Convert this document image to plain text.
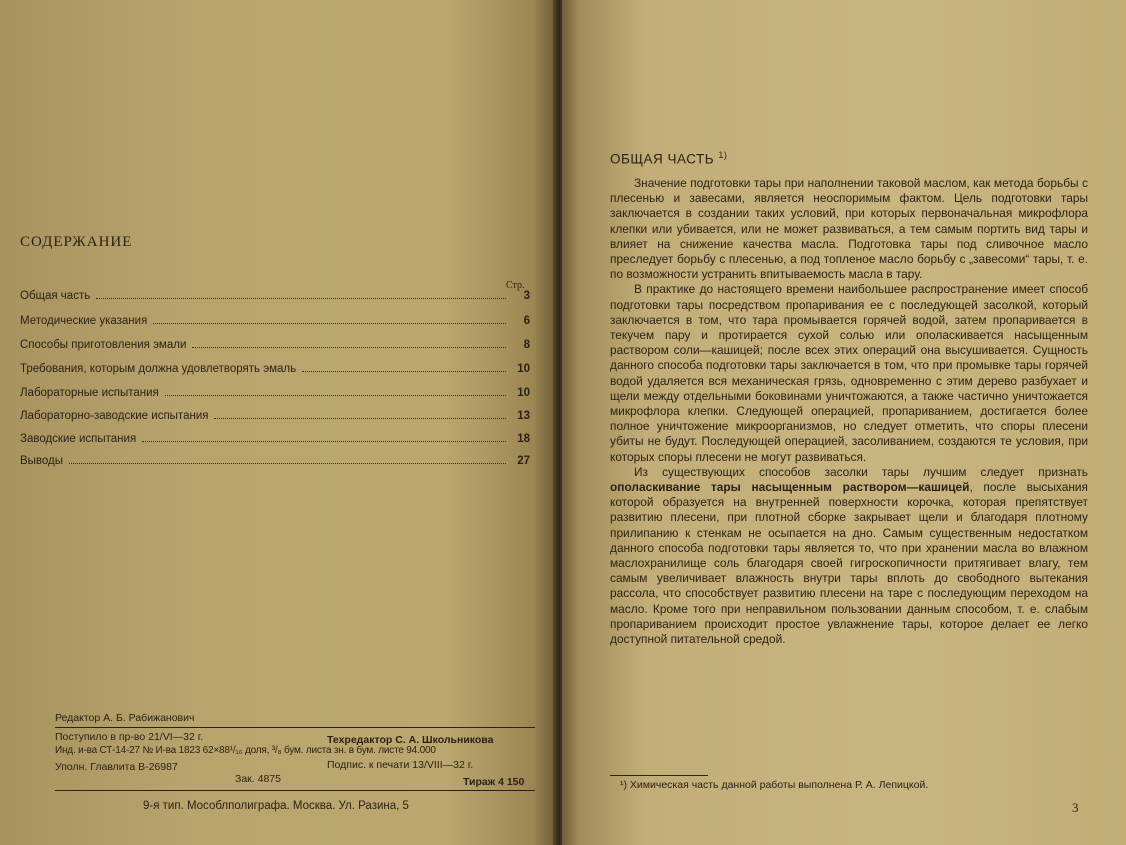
СОДЕРЖАНИЕ
Стр.
Общая часть	3
Методические указания	6
Способы приготовления эмали	8
Требования, которым должна удовлетворять эмаль	10
Лабораторные испытания	10
Лабораторно-заводские испытания	13
Заводские испытания	18
Выводы	27
Редактор А. Б. Рабижанович
Поступило в пр-во 21/VI—32 г.	Техредактор С. А. Школьникова
Инд. и-ва СТ-14-27 № И-ва 1823 62×88¹/₁₆ доля, ³/₈ бум. листа зн. в бум. листе 94.000
Подпис. к печати 13/VIII—32 г.
Уполн. Главлита В-26987
Зак. 4875	Тираж 4 150
9-я тип. Мособлполиграфа. Москва. Ул. Разина, 5
ОБЩАЯ ЧАСТЬ $^{1)}$

Значение подготовки тары при наполнении таковой маслом, как метода борьбы с плесенью и завесами, является неоспоримым фактом. Цель подготовки тары заключается в создании таких условий, при которых первоначальная микрофлора клепки или убивается, или не может развиваться, а тем самым портить вид тары и влияет на снижение качества масла. Подготовка тары под сливочное масло преследует борьбу с плесенью, а под топленое масло борьбу с „завесоми“ тары, т. е. по возможности устранить впитываемость масла в тару.

В практике до настоящего времени наибольшее распространение имеет способ подготовки тары посредством пропаривания ее с последующей засолкой, который заключается в том, что тара промывается горячей водой, затем пропаривается в текучем пару и протирается сухой солью или ополаскивается насыщенным раствором соли—кашицей; после всех этих операций она высушивается. Сущность данного способа подготовки тары заключается в том, что при промывке тары горячей водой удаляется вся механическая грязь, одновременно с этим дерево разбухает и щели между отдельными боковинами уничтожаются, а также частично уничтожается микрофлора клепки. Следующей операцией, пропариванием, достигается более полное уничтожение микроорганизмов, но следует отметить, что споры плесени убиты не будут. Последующей операцией, засоливанием, создаются те условия, при которых споры плесени не могут развиваться.

Из существующих способов засолки тары лучшим следует признать ополаскивание тары насыщенным раствором—кашицей, после высыхания которой образуется на внутренней поверхности корочка, которая препятствует развитию плесени, при плотной сборке закрывает щели и благодаря плотному прилипанию к стенкам не осыпается на дно. Самым существенным недостатком данного способа подготовки тары является то, что при хранении масла во влажном маслохранилище соль благодаря своей гигроскопичности притягивает влагу, тем самым увеличивает влажность внутри тары вплоть до свободного вытекания рассола, что способствует развитию плесени на таре с последующим переходом на масло. Кроме того при неправильном пользовании данным способом, т. е. слабым пропариванием происходит простое увлажнение тары, которое делает ее легко доступной питательной средой.

¹) Химическая часть данной работы выполнена Р. А. Лепицкой.
3
